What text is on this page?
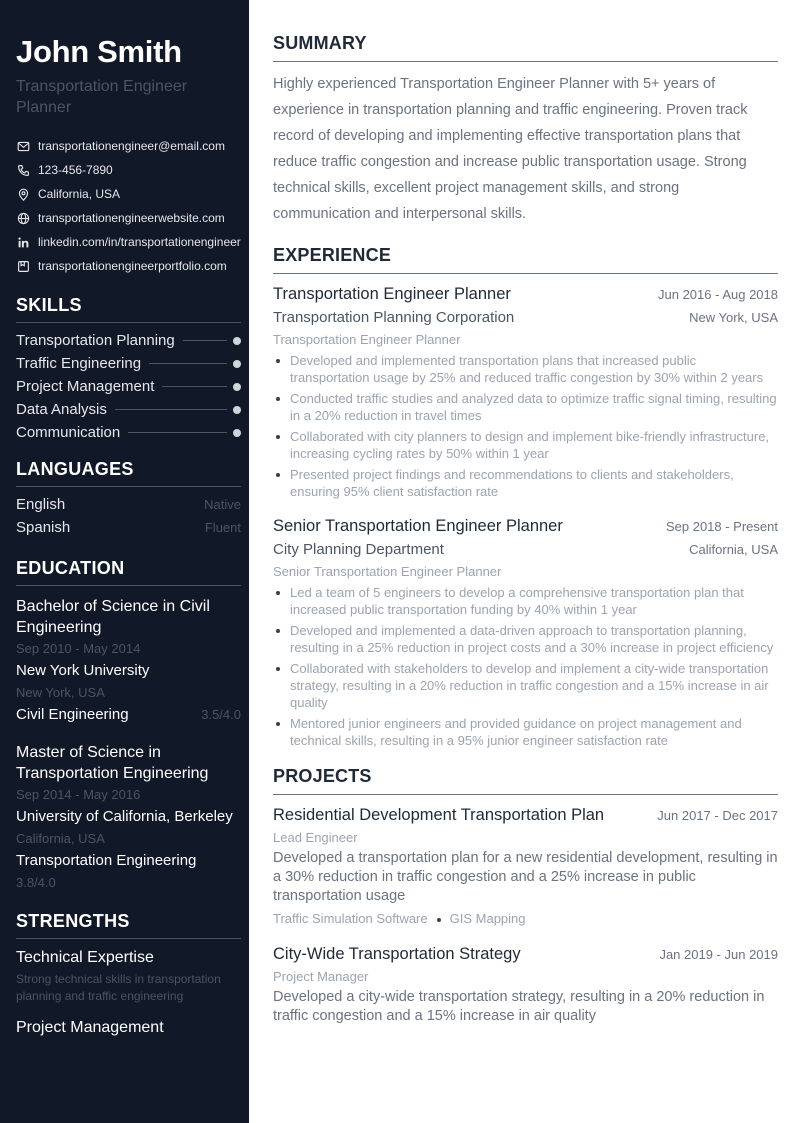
John Smith
Transportation Engineer Planner
transportationengineer@email.com
123-456-7890
California, USA
transportationengineerwebsite.com
linkedin.com/in/transportationengineer
transportationengineerportfolio.com
SKILLS
Transportation Planning
Traffic Engineering
Project Management
Data Analysis
Communication
LANGUAGES
English	Native
Spanish	Fluent
EDUCATION
Bachelor of Science in Civil Engineering
Sep 2010 - May 2014
New York University
New York, USA
Civil Engineering	3.5/4.0
Master of Science in Transportation Engineering
Sep 2014 - May 2016
University of California, Berkeley
California, USA
Transportation Engineering
3.8/4.0
STRENGTHS
Technical Expertise
Strong technical skills in transportation planning and traffic engineering
Project Management
SUMMARY

Highly experienced Transportation Engineer Planner with 5+ years of experience in transportation planning and traffic engineering. Proven track record of developing and implementing effective transportation plans that reduce traffic congestion and increase public transportation usage. Strong technical skills, excellent project management skills, and strong communication and interpersonal skills.

EXPERIENCE
Transportation Engineer Planner	Jun 2016 - Aug 2018
Transportation Planning Corporation	New York, USA
Transportation Engineer Planner
Developed and implemented transportation plans that increased public transportation usage by 25% and reduced traffic congestion by 30% within 2 years
Conducted traffic studies and analyzed data to optimize traffic signal timing, resulting in a 20% reduction in travel times
Collaborated with city planners to design and implement bike-friendly infrastructure, increasing cycling rates by 50% within 1 year
Presented project findings and recommendations to clients and stakeholders, ensuring 95% client satisfaction rate
Senior Transportation Engineer Planner	Sep 2018 - Present
City Planning Department	California, USA
Senior Transportation Engineer Planner
Led a team of 5 engineers to develop a comprehensive transportation plan that increased public transportation funding by 40% within 1 year
Developed and implemented a data-driven approach to transportation planning, resulting in a 25% reduction in project costs and a 30% increase in project efficiency
Collaborated with stakeholders to develop and implement a city-wide transportation strategy, resulting in a 20% reduction in traffic congestion and a 15% increase in air quality
Mentored junior engineers and provided guidance on project management and technical skills, resulting in a 95% junior engineer satisfaction rate
PROJECTS
Residential Development Transportation Plan	Jun 2017 - Dec 2017
Lead Engineer
Developed a transportation plan for a new residential development, resulting in a 30% reduction in traffic congestion and a 25% increase in public transportation usage
Traffic Simulation Software GIS Mapping
City-Wide Transportation Strategy	Jan 2019 - Jun 2019
Project Manager
Developed a city-wide transportation strategy, resulting in a 20% reduction in traffic congestion and a 15% increase in air quality
